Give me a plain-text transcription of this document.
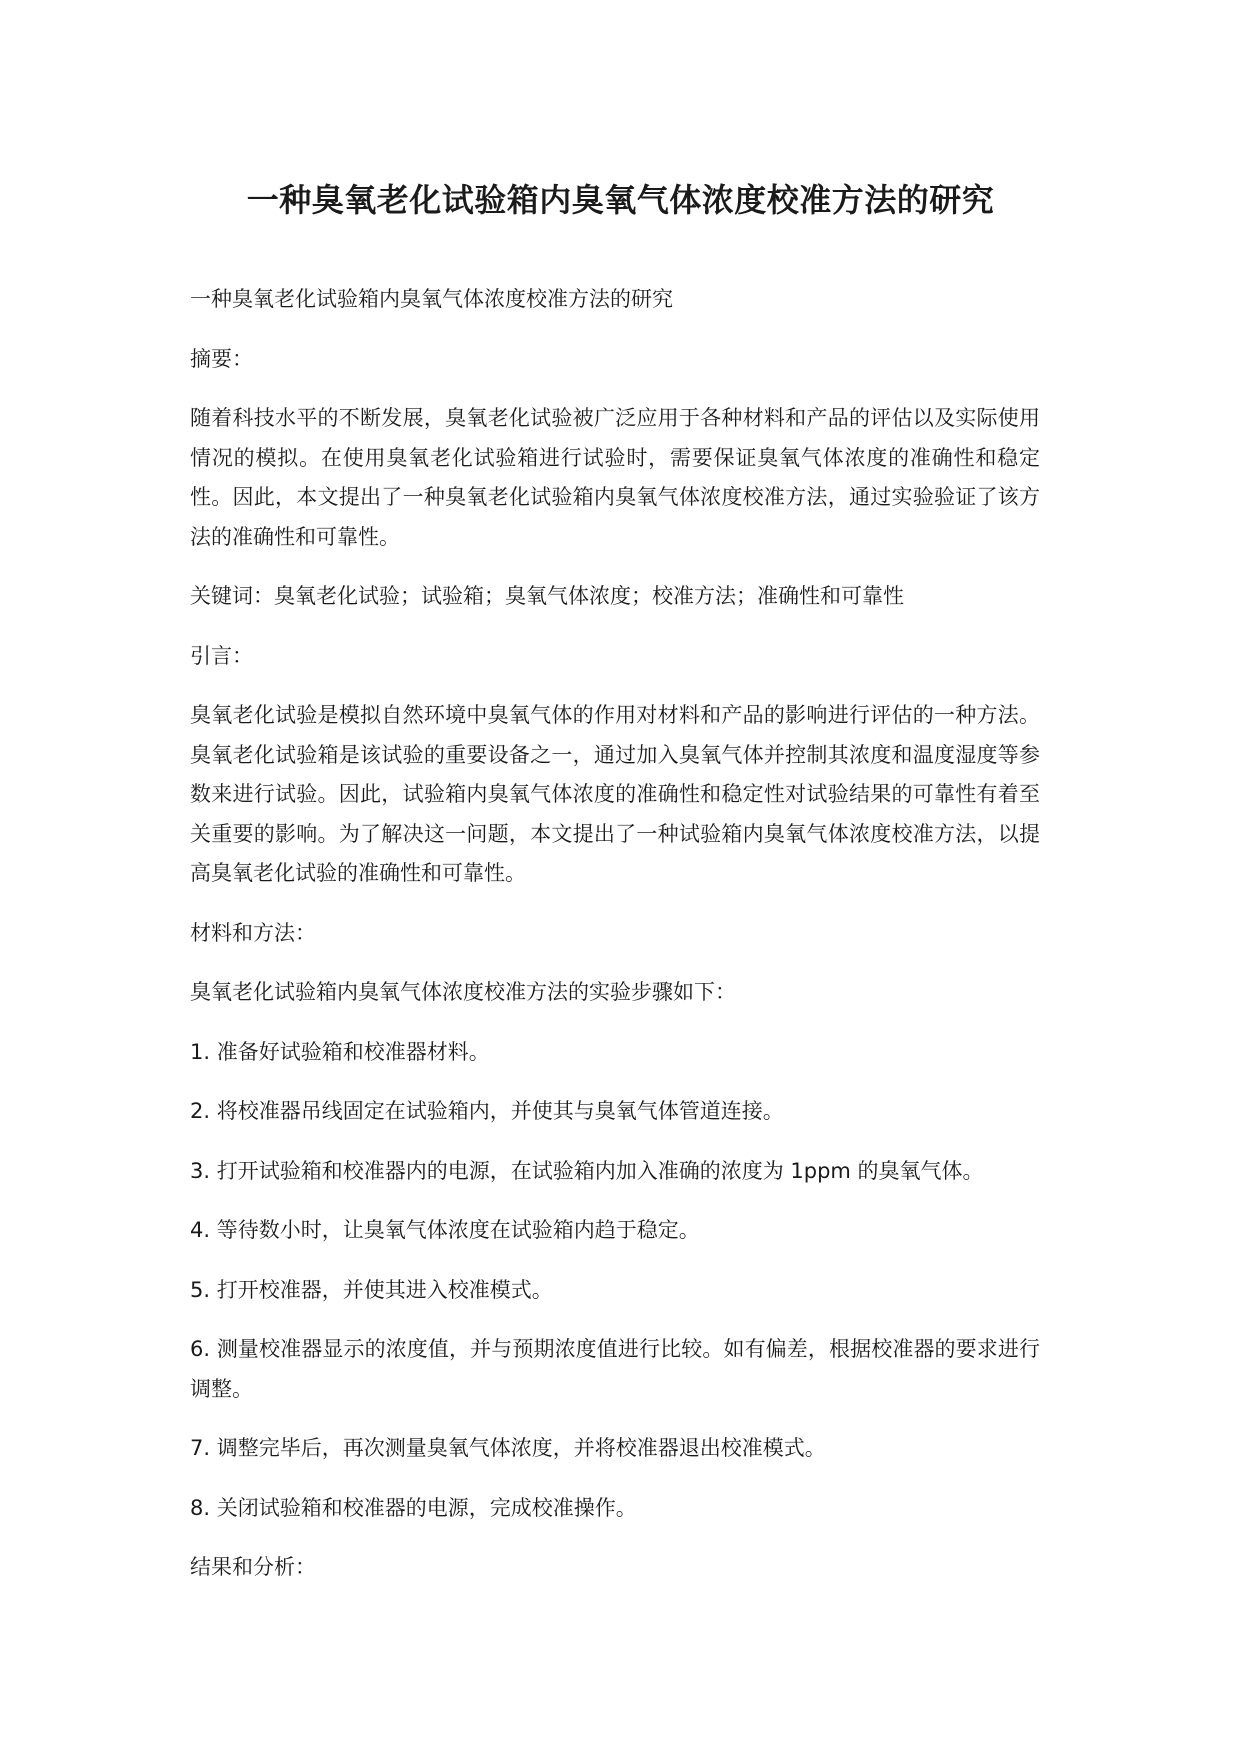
一种臭氧老化试验箱内臭氧气体浓度校准方法的研究

一种臭氧老化试验箱内臭氧气体浓度校准方法的研究

摘要：

随着科技水平的不断发展，臭氧老化试验被广泛应用于各种材料和产品的评估以及实际使用情况的模拟。在使用臭氧老化试验箱进行试验时，需要保证臭氧气体浓度的准确性和稳定性。因此，本文提出了一种臭氧老化试验箱内臭氧气体浓度校准方法，通过实验验证了该方法的准确性和可靠性。

关键词：臭氧老化试验；试验箱；臭氧气体浓度；校准方法；准确性和可靠性

引言：

臭氧老化试验是模拟自然环境中臭氧气体的作用对材料和产品的影响进行评估的一种方法。臭氧老化试验箱是该试验的重要设备之一，通过加入臭氧气体并控制其浓度和温度湿度等参数来进行试验。因此，试验箱内臭氧气体浓度的准确性和稳定性对试验结果的可靠性有着至关重要的影响。为了解决这一问题，本文提出了一种试验箱内臭氧气体浓度校准方法，以提高臭氧老化试验的准确性和可靠性。

材料和方法：

臭氧老化试验箱内臭氧气体浓度校准方法的实验步骤如下：

1. 准备好试验箱和校准器材料。

2. 将校准器吊线固定在试验箱内，并使其与臭氧气体管道连接。

3. 打开试验箱和校准器内的电源，在试验箱内加入准确的浓度为 1ppm 的臭氧气体。

4. 等待数小时，让臭氧气体浓度在试验箱内趋于稳定。

5. 打开校准器，并使其进入校准模式。

6. 测量校准器显示的浓度值，并与预期浓度值进行比较。如有偏差，根据校准器的要求进行调整。

7. 调整完毕后，再次测量臭氧气体浓度，并将校准器退出校准模式。

8. 关闭试验箱和校准器的电源，完成校准操作。

结果和分析：
